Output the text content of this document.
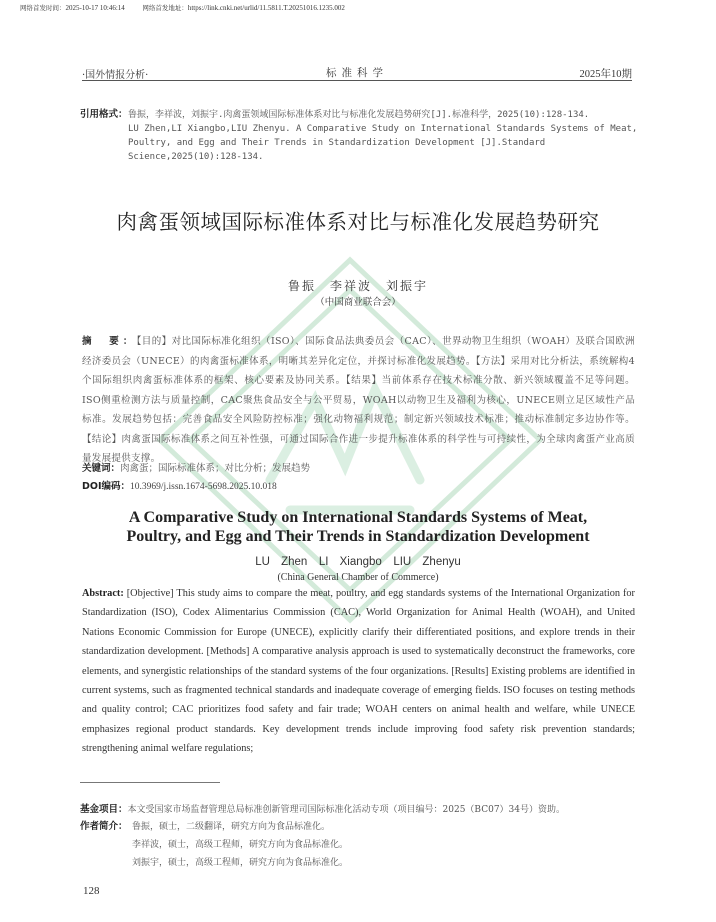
网络首发时间：2025-10-17 10:46:14	网络首发地址：https://link.cnki.net/urlid/11.5811.T.20251016.1235.002
·国外情报分析·	标准科学	2025年10期
引用格式： 鲁振，李祥波，刘振宇.肉禽蛋领域国际标准体系对比与标准化发展趋势研究[J].标准科学，2025(10):128-134.
LU Zhen,LI Xiangbo,LIU Zhenyu. A Comparative Study on International Standards Systems of Meat, Poultry, and Egg and Their Trends in Standardization Development [J].Standard Science,2025(10):128-134.
肉禽蛋领域国际标准体系对比与标准化发展趋势研究
鲁振　李祥波　刘振宇
（中国商业联合会）
摘　要：【目的】对比国际标准化组织（ISO）、国际食品法典委员会（CAC）、世界动物卫生组织（WOAH）及联合国欧洲经济委员会（UNECE）的肉禽蛋标准体系，明晰其差异化定位，并探讨标准化发展趋势。【方法】采用对比分析法，系统解构4个国际组织肉禽蛋标准体系的框架、核心要素及协同关系。【结果】当前体系存在技术标准分散、新兴领域覆盖不足等问题。ISO侧重检测方法与质量控制，CAC聚焦食品安全与公平贸易，WOAH以动物卫生及福利为核心，UNECE则立足区域性产品标准。发展趋势包括：完善食品安全风险防控标准；强化动物福利规范；制定新兴领域技术标准；推动标准制定多边协作等。【结论】肉禽蛋国际标准体系之间互补性强，可通过国际合作进一步提升标准体系的科学性与可持续性，为全球肉禽蛋产业高质量发展提供支撑。
关键词：肉禽蛋；国际标准体系；对比分析；发展趋势
DOI编码：10.3969/j.issn.1674-5698.2025.10.018
A Comparative Study on International Standards Systems of Meat,
Poultry, and Egg and Their Trends in Standardization Development
LU Zhen　LI Xiangbo　LIU Zhenyu
(China General Chamber of Commerce)
Abstract: [Objective] This study aims to compare the meat, poultry, and egg standards systems of the International Organization for Standardization (ISO), Codex Alimentarius Commission (CAC), World Organization for Animal Health (WOAH), and United Nations Economic Commission for Europe (UNECE), explicitly clarify their differentiated positions, and explore trends in their standardization development. [Methods] A comparative analysis approach is used to systematically deconstruct the frameworks, core elements, and synergistic relationships of the standard systems of the four organizations. [Results] Existing problems are identified in current systems, such as fragmented technical standards and inadequate coverage of emerging fields. ISO focuses on testing methods and quality control; CAC prioritizes food safety and fair trade; WOAH centers on animal health and welfare, while UNECE emphasizes regional product standards. Key development trends include improving food safety risk prevention standards; strengthening animal welfare regulations;
基金项目：本文受国家市场监督管理总局标准创新管理司国际标准化活动专项（项目编号：2025（BC07）34号）资助。
作者简介： 鲁振，硕士，二级翻译，研究方向为食品标准化。
李祥波，硕士，高级工程师，研究方向为食品标准化。
刘振宇，硕士，高级工程师，研究方向为食品标准化。
128
